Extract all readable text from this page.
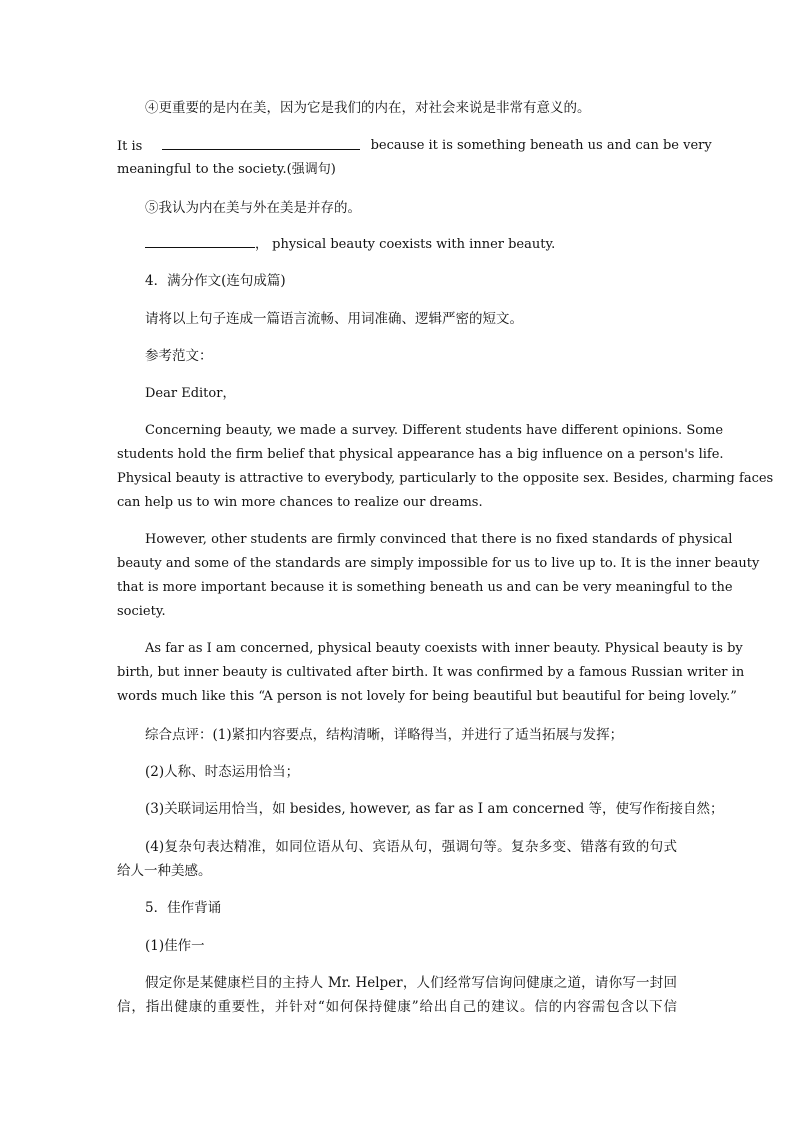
④更重要的是内在美，因为它是我们的内在，对社会来说是非常有意义的。
It is	because it is something beneath us and can be very
meaningful to the society.(强调句)
⑤我认为内在美与外在美是并存的。
， physical beauty coexists with inner beauty.
4．满分作文(连句成篇)
请将以上句子连成一篇语言流畅、用词准确、逻辑严密的短文。
参考范文：
Dear Editor，
Concerning beauty, we made a survey. Different students have different opinions. Some
students hold the firm belief that physical appearance has a big influence on a person's life.
Physical beauty is attractive to everybody, particularly to the opposite sex. Besides, charming faces
can help us to win more chances to realize our dreams.
However, other students are firmly convinced that there is no fixed standards of physical
beauty and some of the standards are simply impossible for us to live up to. It is the inner beauty
that is more important because it is something beneath us and can be very meaningful to the
society.
As far as I am concerned, physical beauty coexists with inner beauty. Physical beauty is by
birth, but inner beauty is cultivated after birth. It was confirmed by a famous Russian writer in
words much like this “A person is not lovely for being beautiful but beautiful for being lovely.”
综合点评：(1)紧扣内容要点，结构清晰，详略得当，并进行了适当拓展与发挥；
(2)人称、时态运用恰当；
(3)关联词运用恰当，如 besides, however, as far as I am concerned 等，使写作衔接自然；
(4)复杂句表达精准，如同位语从句、宾语从句，强调句等。复杂多变、错落有致的句式
给人一种美感。
5．佳作背诵
(1)佳作一
假定你是某健康栏目的主持人 Mr. Helper，人们经常写信询问健康之道，请你写一封回
信，指出健康的重要性，并针对“如何保持健康”给出自己的建议。信的内容需包含以下信
